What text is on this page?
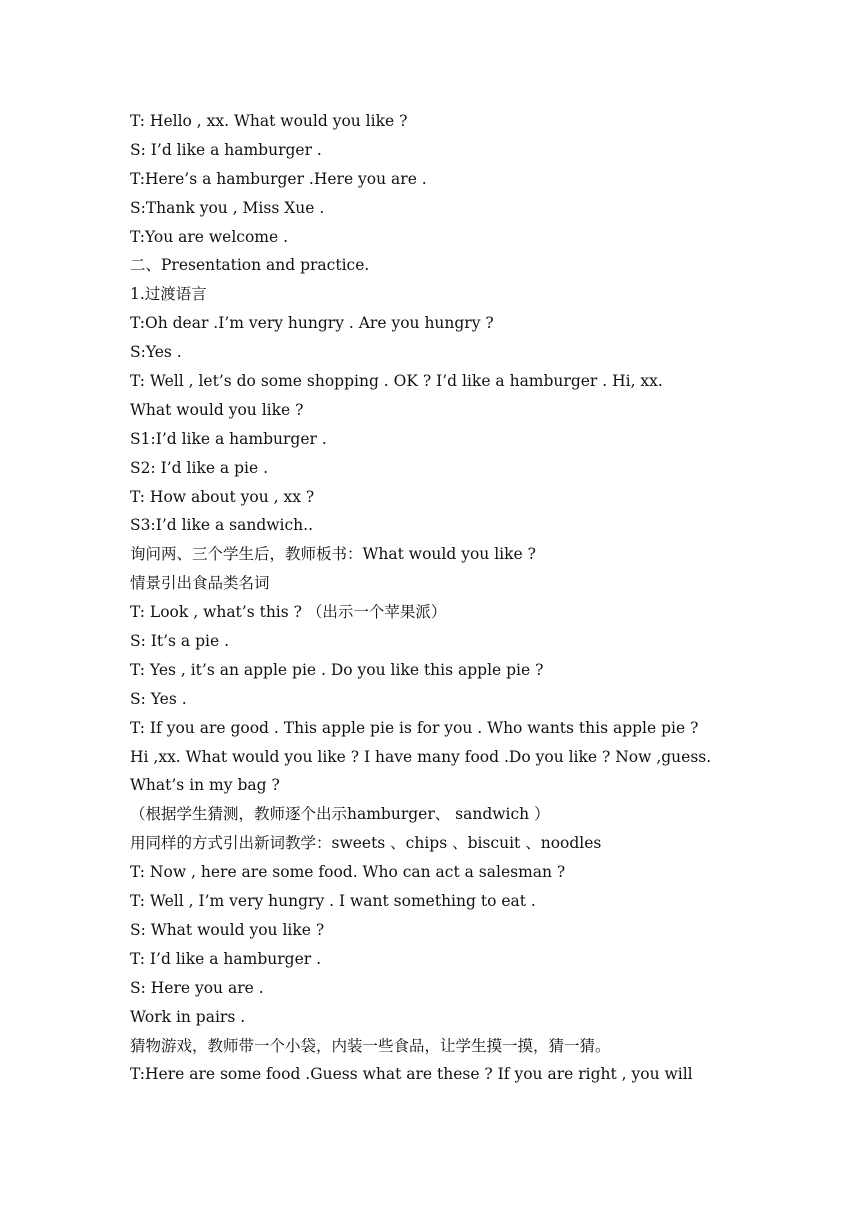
T: Hello , xx. What would you like ?
S: I’d like a hamburger .
T:Here’s a hamburger .Here you are .
S:Thank you , Miss Xue .
T:You are welcome .
二、Presentation and practice.
1.过渡语言
T:Oh dear .I’m very hungry . Are you hungry ?
S:Yes .
T: Well , let’s do some shopping . OK ? I’d like a hamburger . Hi, xx.
What would you like ?
S1:I’d like a hamburger .
S2: I’d like a pie .
T: How about you , xx ?
S3:I’d like a sandwich..
询问两、三个学生后，教师板书：What would you like ?
情景引出食品类名词
T: Look , what’s this ? （出示一个苹果派）
S: It’s a pie .
T: Yes , it’s an apple pie . Do you like this apple pie ?
S: Yes .
T: If you are good . This apple pie is for you . Who wants this apple pie ?
Hi ,xx. What would you like ? I have many food .Do you like ? Now ,guess.
What’s in my bag ?
（根据学生猜测，教师逐个出示hamburger、 sandwich ）
用同样的方式引出新词教学：sweets 、chips 、biscuit 、noodles
T: Now , here are some food. Who can act a salesman ?
T: Well , I’m very hungry . I want something to eat .
S: What would you like ?
T: I’d like a hamburger .
S: Here you are .
Work in pairs .
猜物游戏，教师带一个小袋，内装一些食品，让学生摸一摸，猜一猜。
T:Here are some food .Guess what are these ? If you are right , you will
